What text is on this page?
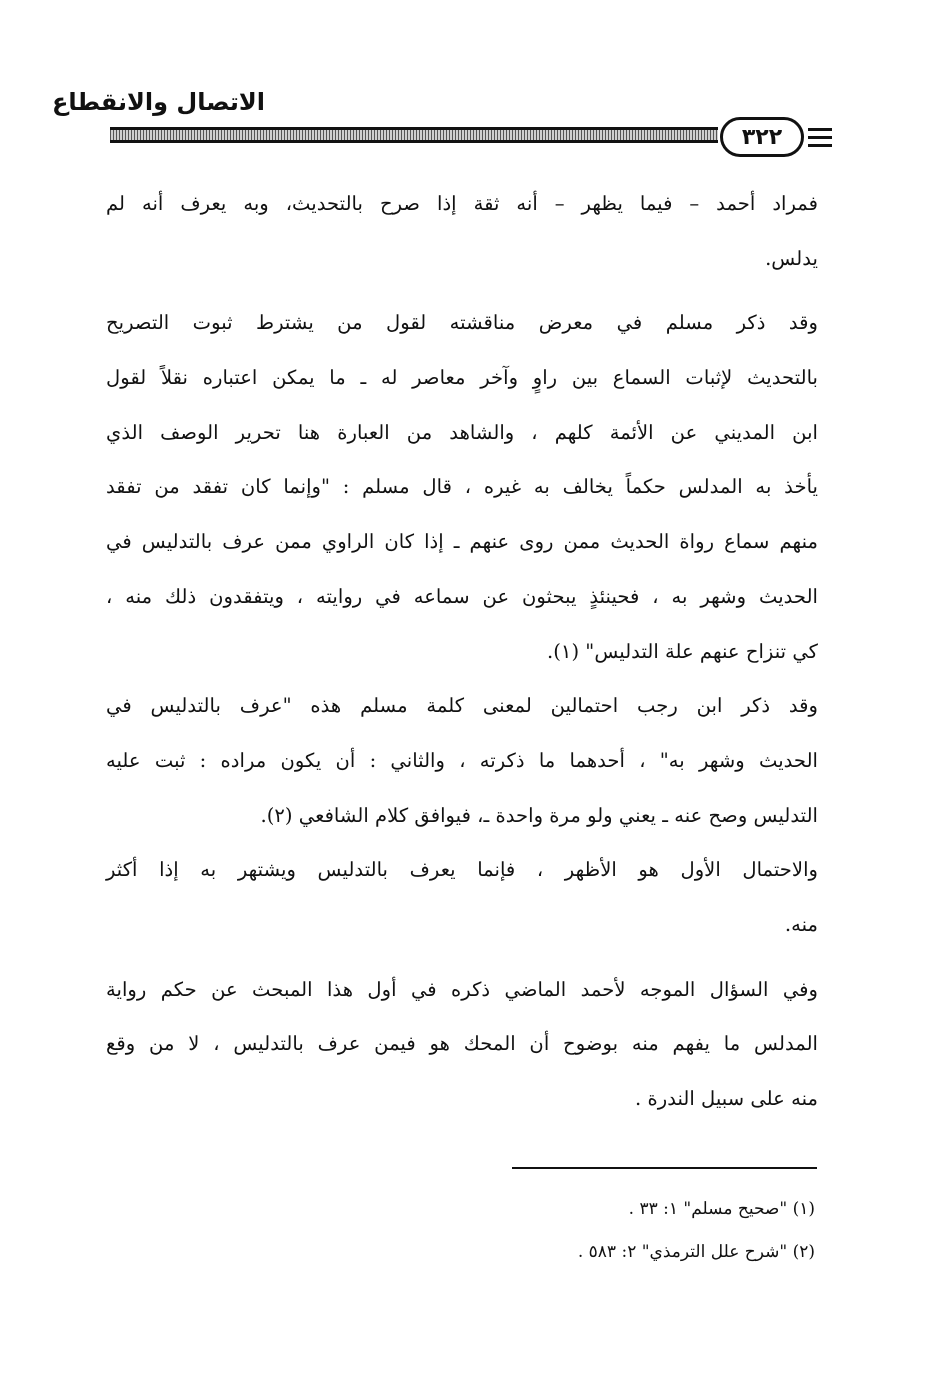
الاتصال والانقطاع
٣٢٢
فمراد أحمد – فيما يظهر – أنه ثقة إذا صرح بالتحديث، وبه يعرف أنه لم
يدلس.
وقد ذكر مسلم في معرض مناقشته لقول من يشترط ثبوت التصريح
بالتحديث لإثبات السماع بين راوٍ وآخر معاصر له ـ ما يمكن اعتباره نقلاً لقول
ابن المديني عن الأئمة كلهم ، والشاهد من العبارة هنا تحرير الوصف الذي
يأخذ به المدلس حكماً يخالف به غيره ، قال مسلم : "وإنما كان تفقد من تفقد
منهم سماع رواة الحديث ممن روى عنهم ـ إذا كان الراوي ممن عرف بالتدليس في
الحديث وشهر به ، فحينئذٍ يبحثون عن سماعه في روايته ، ويتفقدون ذلك منه ،
كي تنزاح عنهم علة التدليس" (١).
وقد ذكر ابن رجب احتمالين لمعنى كلمة مسلم هذه "عرف بالتدليس في
الحديث وشهر به" ، أحدهما ما ذكرته ، والثاني : أن يكون مراده : ثبت عليه
التدليس وصح عنه ـ يعني ولو مرة واحدة ـ، فيوافق كلام الشافعي (٢).
والاحتمال الأول هو الأظهر ، فإنما يعرف بالتدليس ويشتهر به إذا أكثر
منه.
وفي السؤال الموجه لأحمد الماضي ذكره في أول هذا المبحث عن حكم رواية
المدلس ما يفهم منه بوضوح أن المحك هو فيمن عرف بالتدليس ، لا من وقع
منه على سبيل الندرة .
(١) "صحيح مسلم" ١: ٣٣ .
(٢) "شرح علل الترمذي" ٢: ٥٨٣ .
